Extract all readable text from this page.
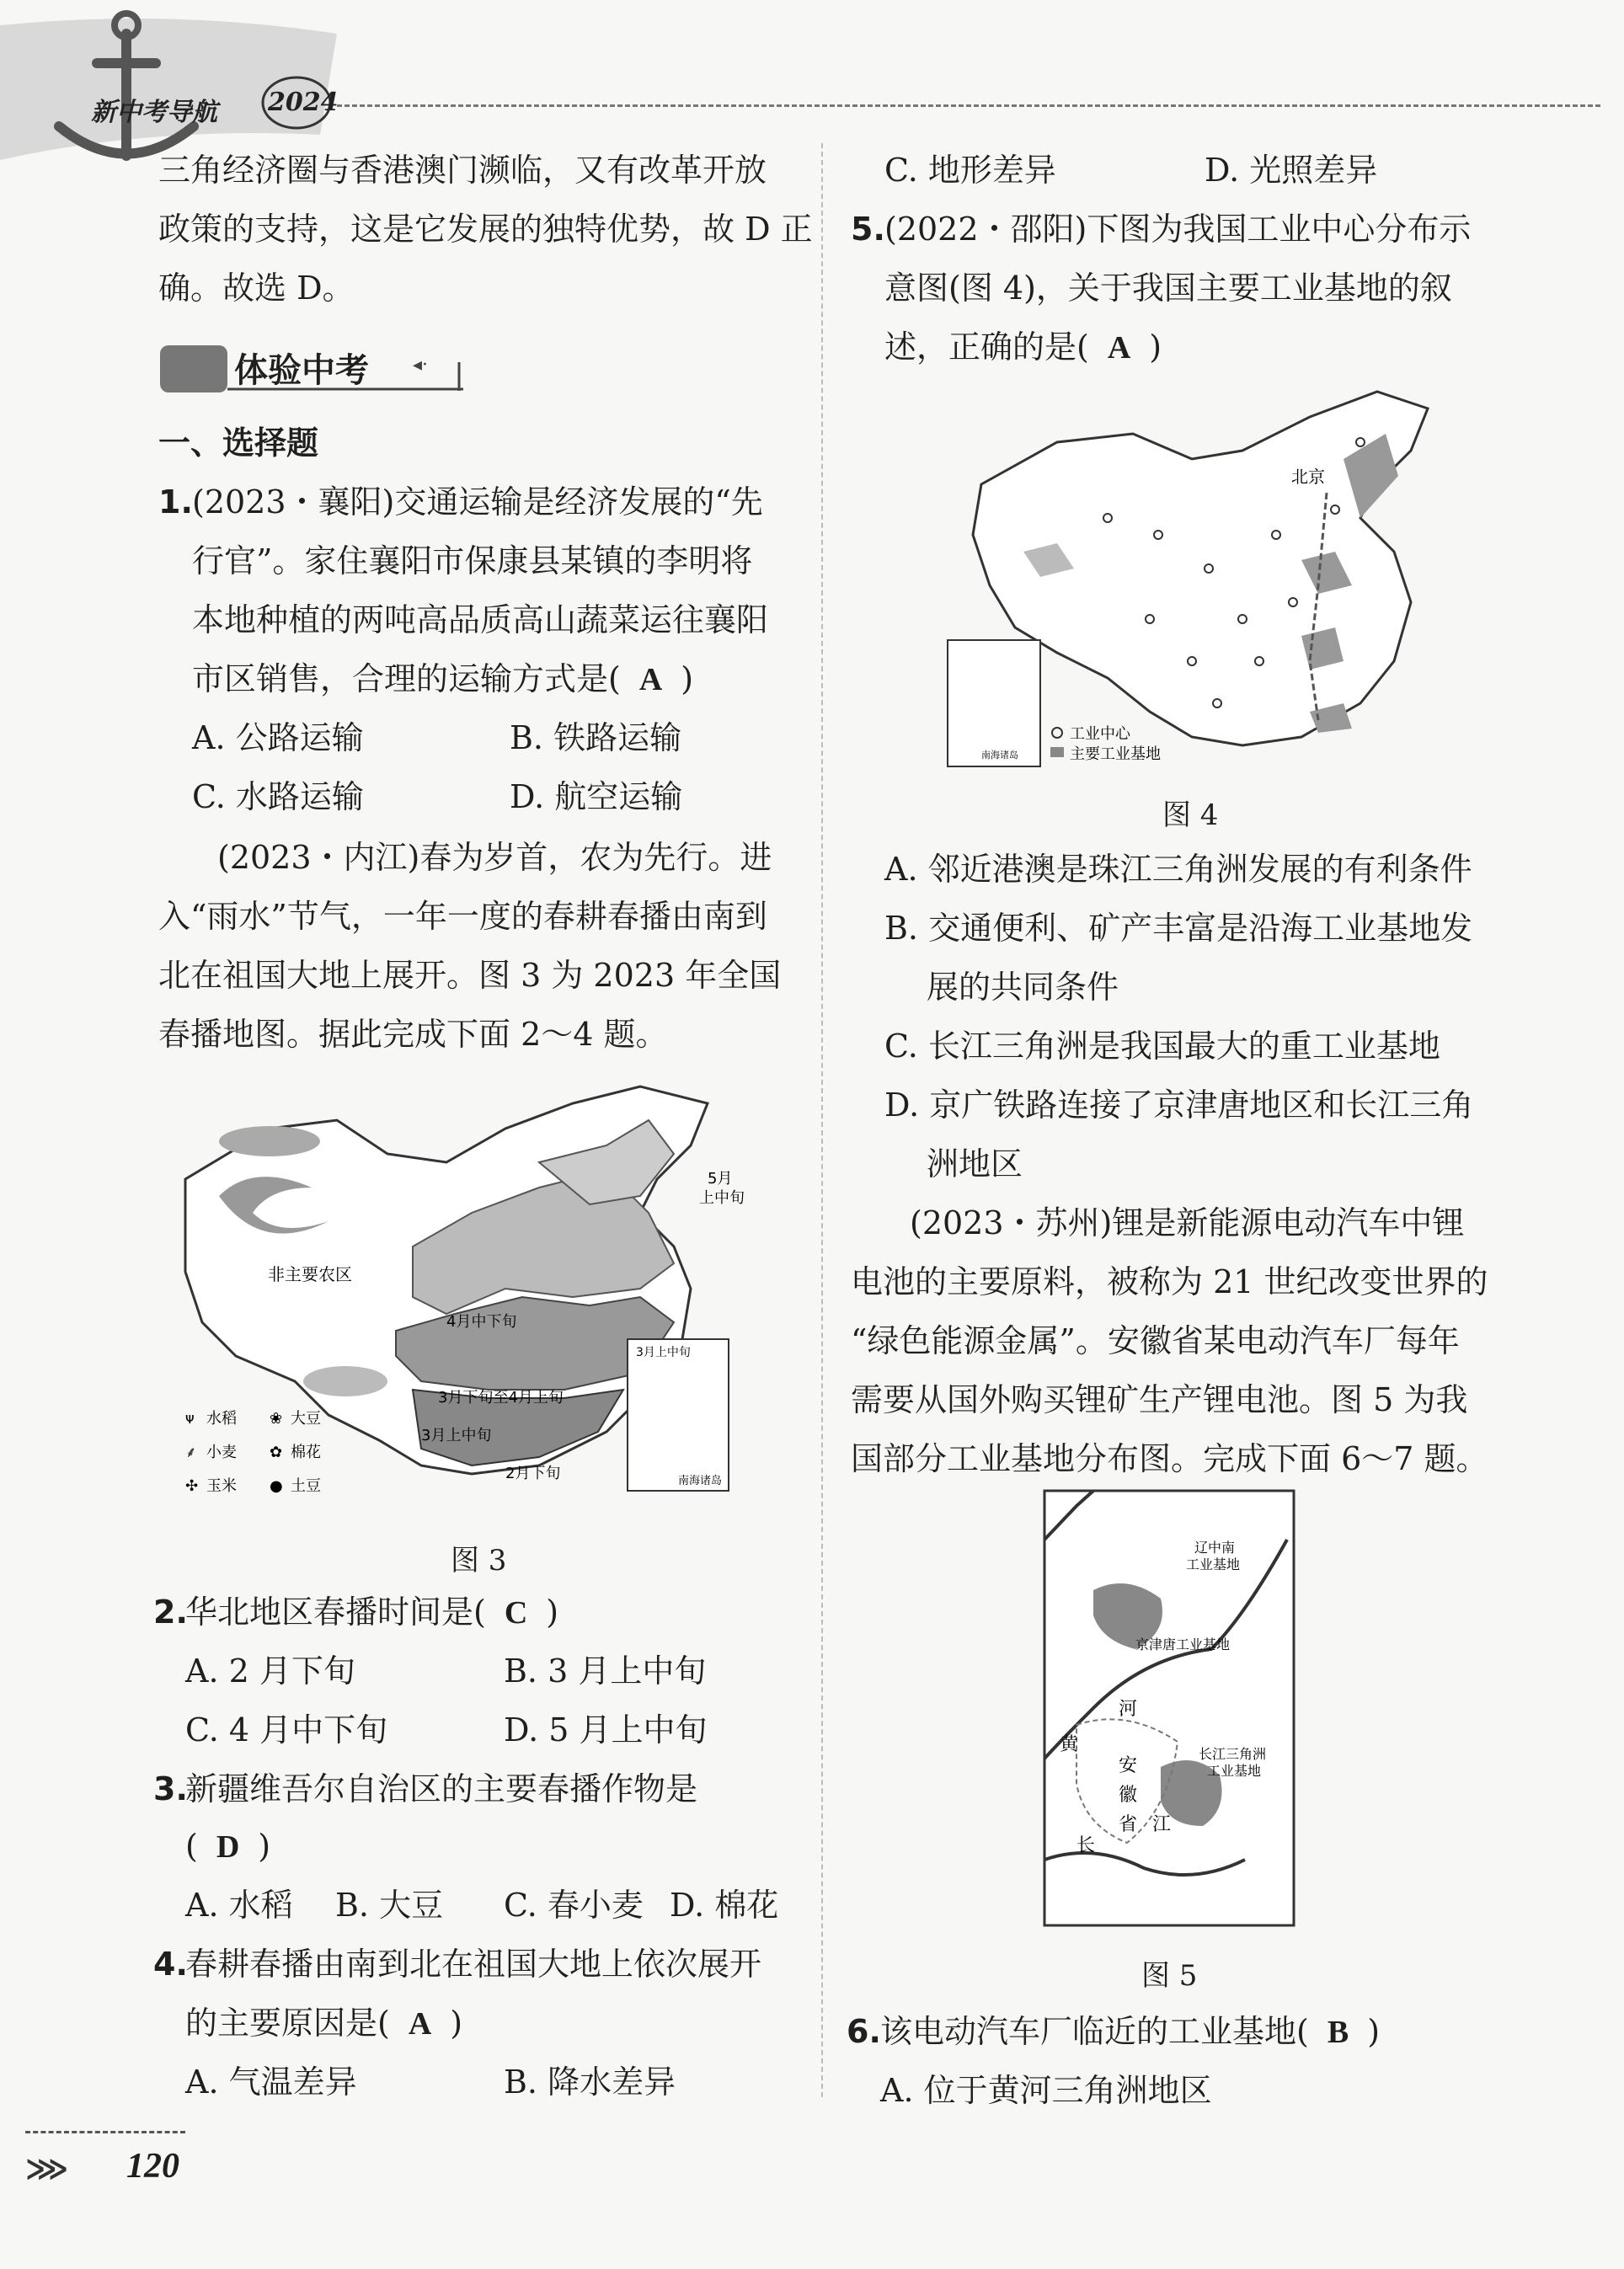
新中考导航 2024
三角经济圈与香港澳门濒临，又有改革开放
政策的支持，这是它发展的独特优势，故 D 正
确。故选 D。
◂·
体验中考
一、选择题
1. (2023・襄阳)交通运输是经济发展的“先
行官”。家住襄阳市保康县某镇的李明将
本地种植的两吨高品质高山蔬菜运往襄阳
市区销售，合理的运输方式是( A )
A. 公路运输	B. 铁路运输
C. 水路运输	D. 航空运输
(2023・内江)春为岁首，农为先行。进
入“雨水”节气，一年一度的春耕春播由南到
北在祖国大地上展开。图 3 为 2023 年全国
春播地图。据此完成下面 2～4 题。
3月上中旬
南海诸岛
非主要农区
5月
上中旬
4月中下旬
3月下旬至4月上旬
3月上中旬
2月下旬
ᴪ 水稻 ❀ 大豆
⸙ 小麦 ✿ 棉花
✣ 玉米 ● 土豆
图 3
2.
华北地区春播时间是( C )
A. 2 月下旬	B. 3 月上中旬
C. 4 月中下旬	D. 5 月上中旬
3.
新疆维吾尔自治区的主要春播作物是
( D )
A. 水稻 B. 大豆 C. 春小麦 D. 棉花
4.
春耕春播由南到北在祖国大地上依次展开
的主要原因是( A )
A. 气温差异	B. 降水差异
C. 地形差异	D. 光照差异
5. (2022・邵阳)下图为我国工业中心分布示
意图(图 4)，关于我国主要工业基地的叙
述，正确的是( A )
北京
南海诸岛
工业中心
主要工业基地
图 4
A. 邻近港澳是珠江三角洲发展的有利条件
B. 交通便利、矿产丰富是沿海工业基地发
展的共同条件
C. 长江三角洲是我国最大的重工业基地
D. 京广铁路连接了京津唐地区和长江三角
洲地区
(2023・苏州)锂是新能源电动汽车中锂
电池的主要原料，被称为 21 世纪改变世界的
“绿色能源金属”。安徽省某电动汽车厂每年
需要从国外购买锂矿生产锂电池。图 5 为我
国部分工业基地分布图。完成下面 6～7 题。
辽中南
工业基地
京津唐工业基地
河
黄
安
徽
省 江
长
长江三角洲
工业基地
图 5
6. 该电动汽车厂临近的工业基地( B )
A. 位于黄河三角洲地区
⋙ 120
